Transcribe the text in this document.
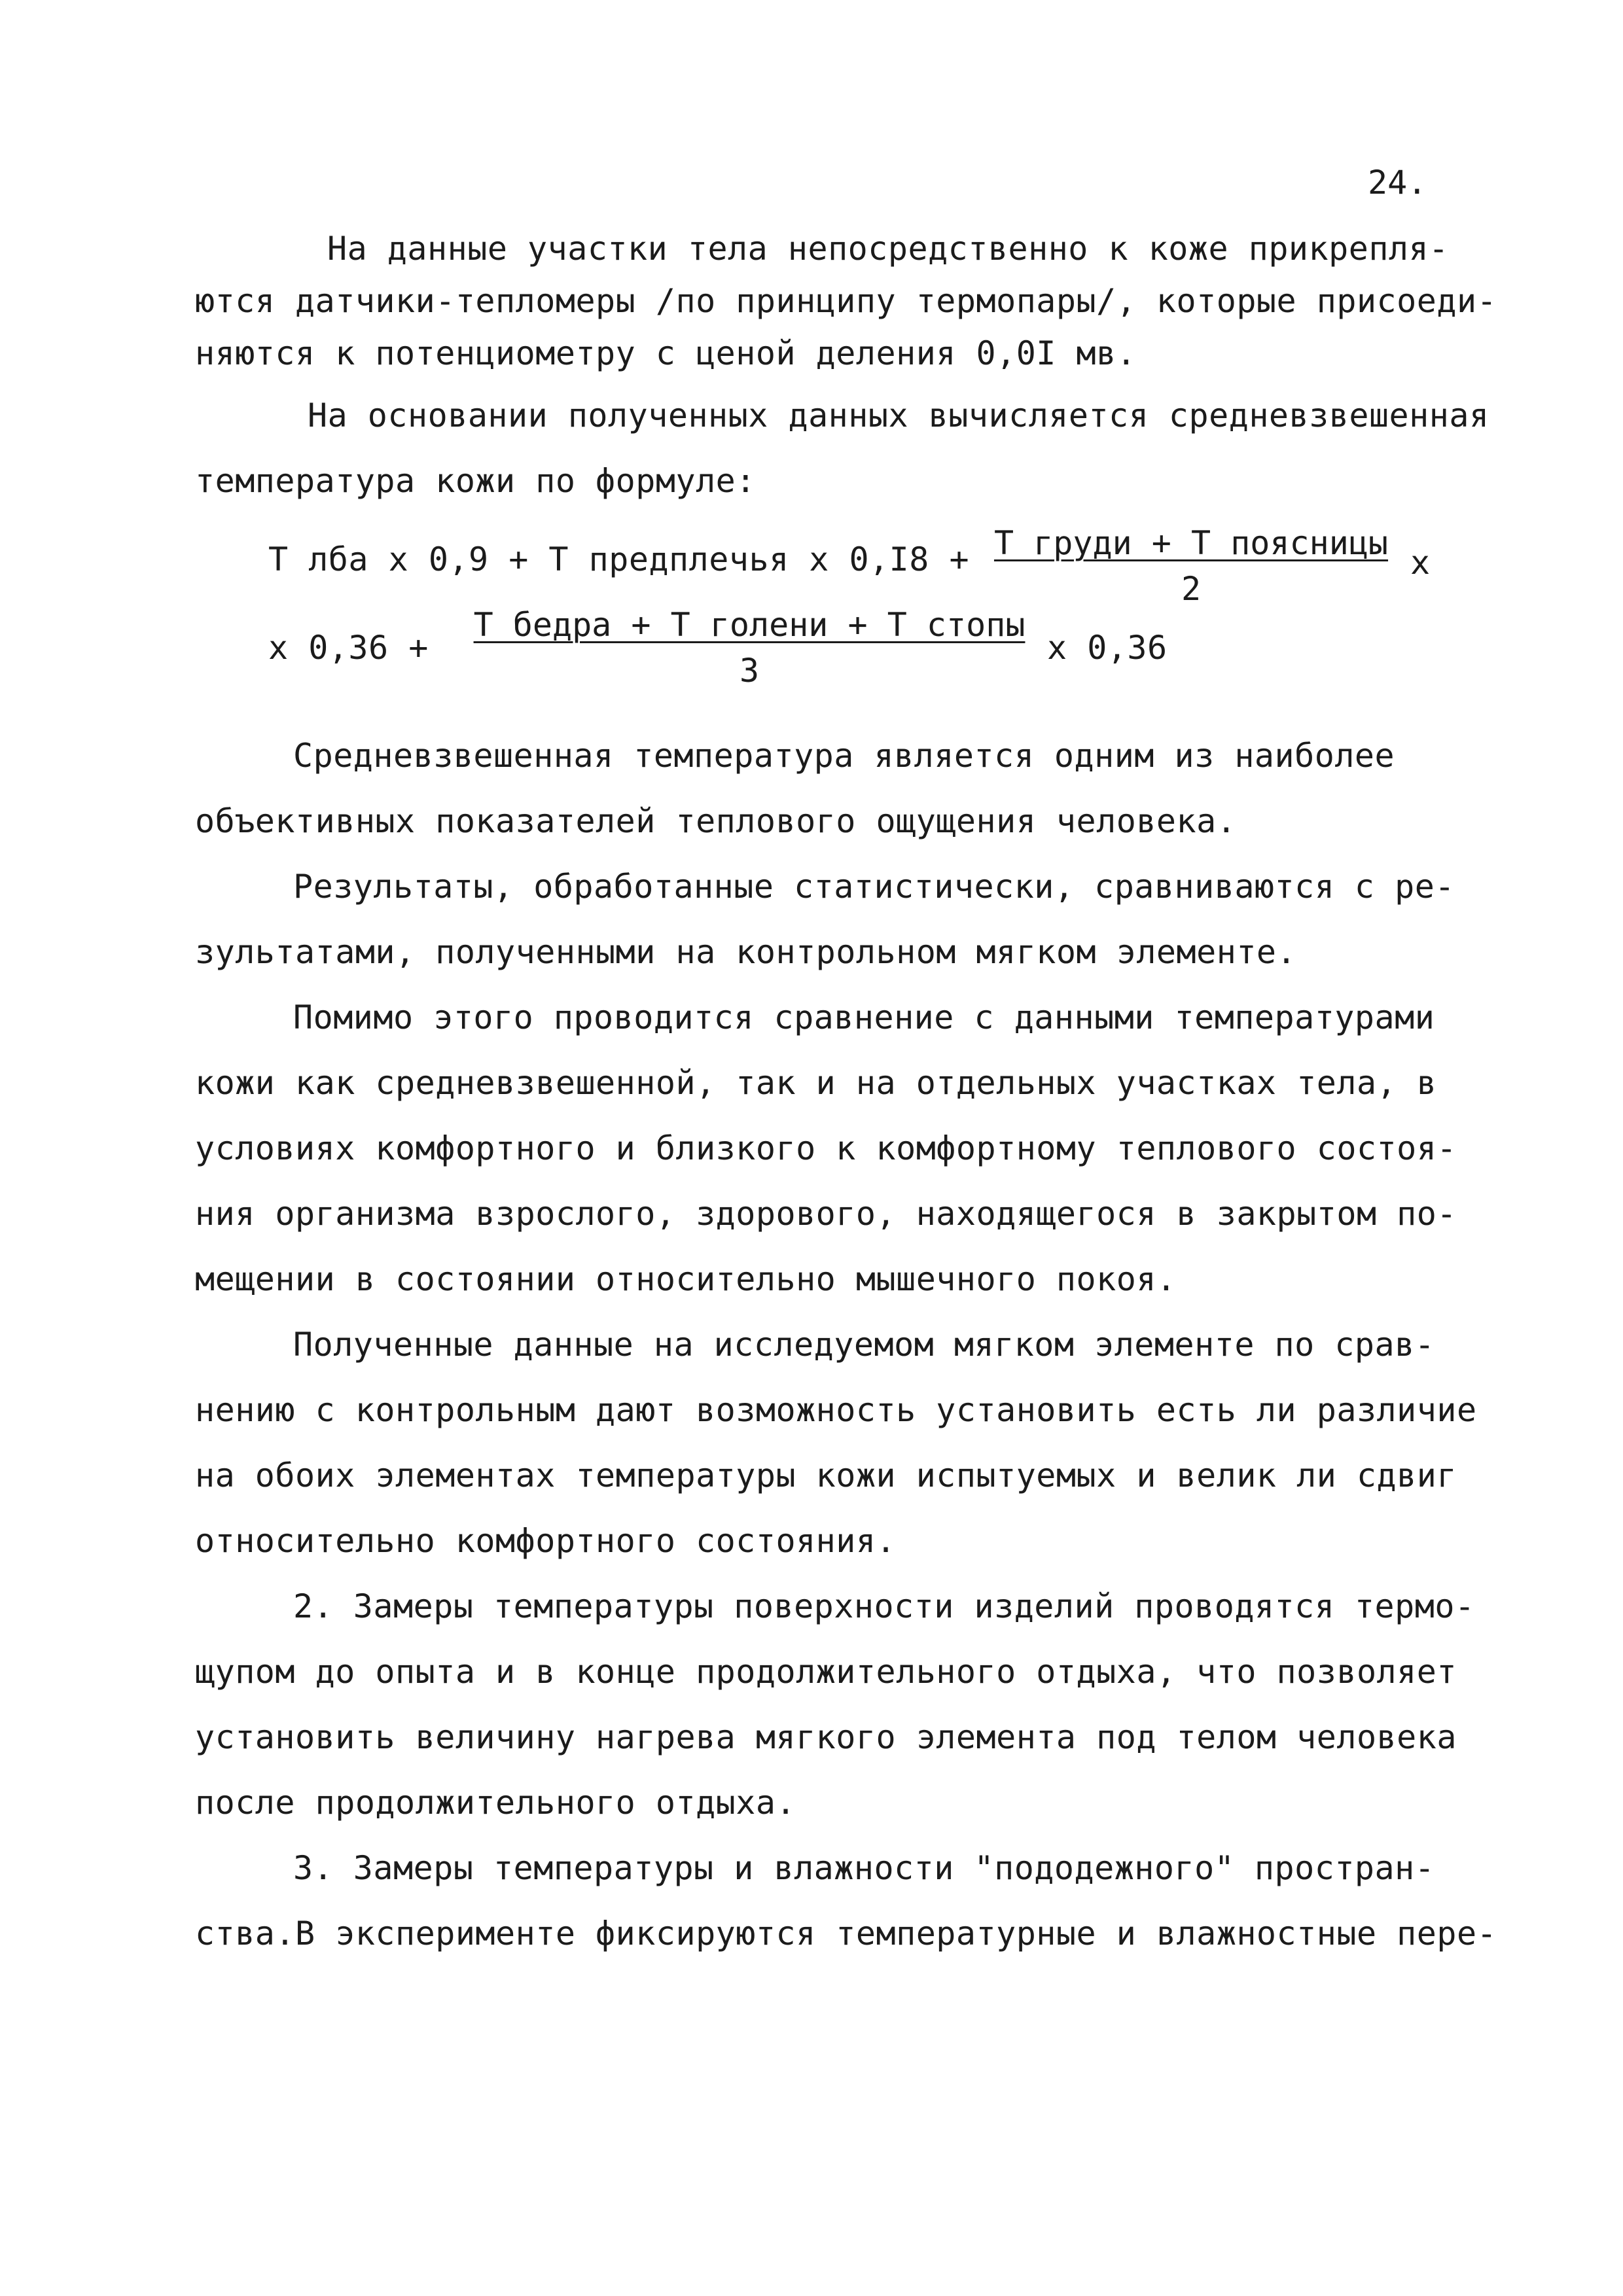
24.
На данные участки тела непосредственно к коже прикрепля-
ются датчики-тепломеры /по принципу термопары/, которые присоеди-
няются к потенциометру с ценой деления 0,0I мв.
На основании полученных данных вычисляется средневзвешенная
температура кожи по формуле:
Т лба х 0,9 + Т предплечья х 0,I8 + Т груди + Т поясницы
2
х
х 0,36 +
Т бедра + Т голени + Т стопы
3
х 0,36
Средневзвешенная температура является одним из наиболее
объективных показателей теплового ощущения человека.
Результаты, обработанные статистически, сравниваются с ре-
зультатами, полученными на контрольном мягком элементе.
Помимо этого проводится сравнение с данными температурами
кожи как средневзвешенной, так и на отдельных участках тела, в
условиях комфортного и близкого к комфортному теплового состоя-
ния организма взрослого, здорового, находящегося в закрытом по-
мещении в состоянии относительно мышечного покоя.
Полученные данные на исследуемом мягком элементе по срав-
нению с контрольным дают возможность установить есть ли различие
на обоих элементах температуры кожи испытуемых и велик ли сдвиг
относительно комфортного состояния.
2. Замеры температуры поверхности изделий проводятся термо-
щупом до опыта и в конце продолжительного отдыха, что позволяет
установить величину нагрева мягкого элемента под телом человека
после продолжительного отдыха.
3. Замеры температуры и влажности "пододежного" простран-
ства.В эксперименте фиксируются температурные и влажностные пере-
